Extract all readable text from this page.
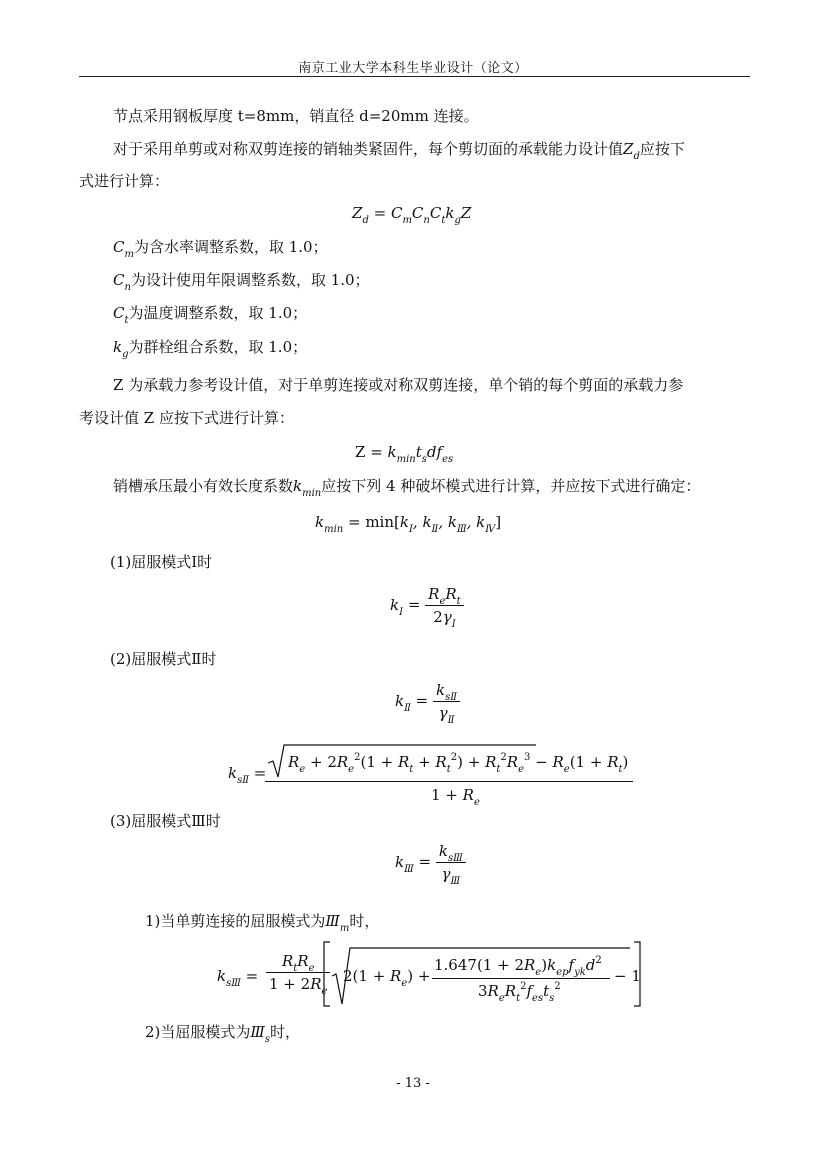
南京工业大学本科生毕业设计（论文）
节点采用钢板厚度 t=8mm，销直径 d=20mm 连接。
对于采用单剪或对称双剪连接的销轴类紧固件，每个剪切面的承载能力设计值$Z_d$应按下
式进行计算：
$Z_d = C_mC_nC_tk_gZ$
$C_m$为含水率调整系数，取 1.0；
$C_n$为设计使用年限调整系数，取 1.0；
$C_t$为温度调整系数，取 1.0；
$k_g$为群栓组合系数，取 1.0；
Z 为承载力参考设计值，对于单剪连接或对称双剪连接，单个销的每个剪面的承载力参
考设计值 Z 应按下式进行计算：
$Z = k_{min}t_sdf_{es}$
销槽承压最小有效长度系数$k_{min}$应按下列 4 种破坏模式进行计算，并应按下式进行确定：
$k_{min} = \min[k_Ⅰ$, $k_Ⅱ$, $k_Ⅲ$, $k_Ⅳ$]
(1)屈服模式Ⅰ时
$k_Ⅰ = \frac{R_eR_t}{2\gamma_Ⅰ}$
(2)屈服模式Ⅱ时
$k_Ⅱ = \frac{k_{sⅡ}}{\gamma_Ⅱ}$
$k_{sⅡ}$ =
$R_e + 2R_e^2(1 + R_t + R_t^2) + R_t^2R_e^3 - R_e(1 + R_t)$
$1 + R_e$
(3)屈服模式Ⅲ时
$k_Ⅲ = \frac{k_{sⅢ}}{\gamma_Ⅲ}$
1)当单剪连接的屈服模式为$Ⅲ_m$时，
$k_{sⅢ} = \frac{R_tR_e}{1 + 2R_e} 2(1 + R_e)$ +
$1.647(1 + 2R_e)k_{ep}f_{yk}d^2$
$3R_eR_t^2f_{es}t_s^2$
− 1
2)当屈服模式为$Ⅲ_s$时，
- 13 -
